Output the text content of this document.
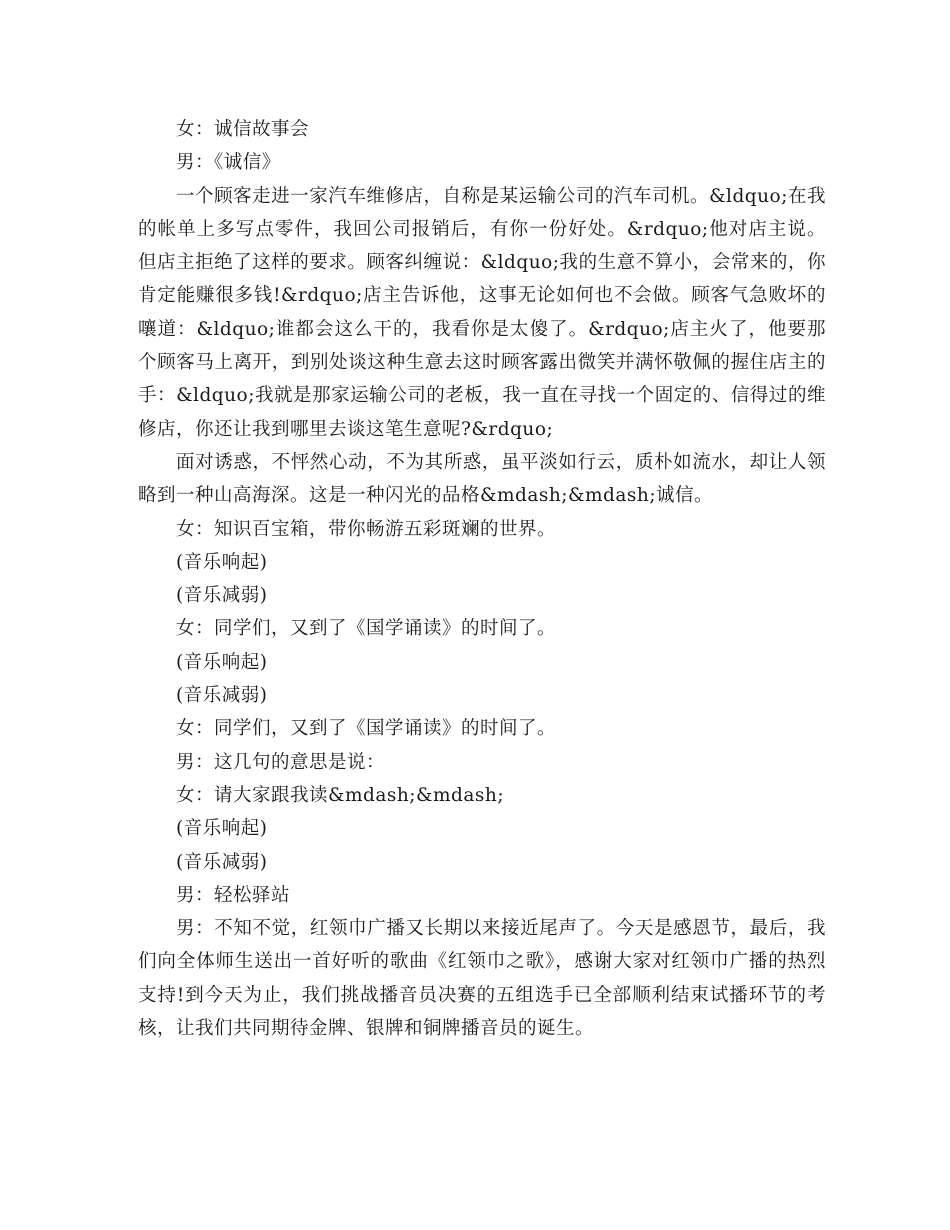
女：诚信故事会

男：《诚信》

一个顾客走进一家汽车维修店，自称是某运输公司的汽车司机。&ldquo;在我的帐单上多写点零件，我回公司报销后，有你一份好处。&rdquo;他对店主说。但店主拒绝了这样的要求。顾客纠缠说：&ldquo;我的生意不算小，会常来的，你肯定能赚很多钱!&rdquo;店主告诉他，这事无论如何也不会做。顾客气急败坏的嚷道：&ldquo;谁都会这么干的，我看你是太傻了。&rdquo;店主火了，他要那个顾客马上离开，到别处谈这种生意去这时顾客露出微笑并满怀敬佩的握住店主的手：&ldquo;我就是那家运输公司的老板，我一直在寻找一个固定的、信得过的维修店，你还让我到哪里去谈这笔生意呢?&rdquo;

面对诱惑，不怦然心动，不为其所惑，虽平淡如行云，质朴如流水，却让人领略到一种山高海深。这是一种闪光的品格&mdash;&mdash;诚信。

女：知识百宝箱，带你畅游五彩斑斓的世界。

(音乐响起)

(音乐减弱)

女：同学们，又到了《国学诵读》的时间了。

(音乐响起)

(音乐减弱)

女：同学们，又到了《国学诵读》的时间了。

男：这几句的意思是说：

女：请大家跟我读&mdash;&mdash;

(音乐响起)

(音乐减弱)

男：轻松驿站

男：不知不觉，红领巾广播又长期以来接近尾声了。今天是感恩节，最后，我们向全体师生送出一首好听的歌曲《红领巾之歌》，感谢大家对红领巾广播的热烈支持!到今天为止，我们挑战播音员决赛的五组选手已全部顺利结束试播环节的考核，让我们共同期待金牌、银牌和铜牌播音员的诞生。
